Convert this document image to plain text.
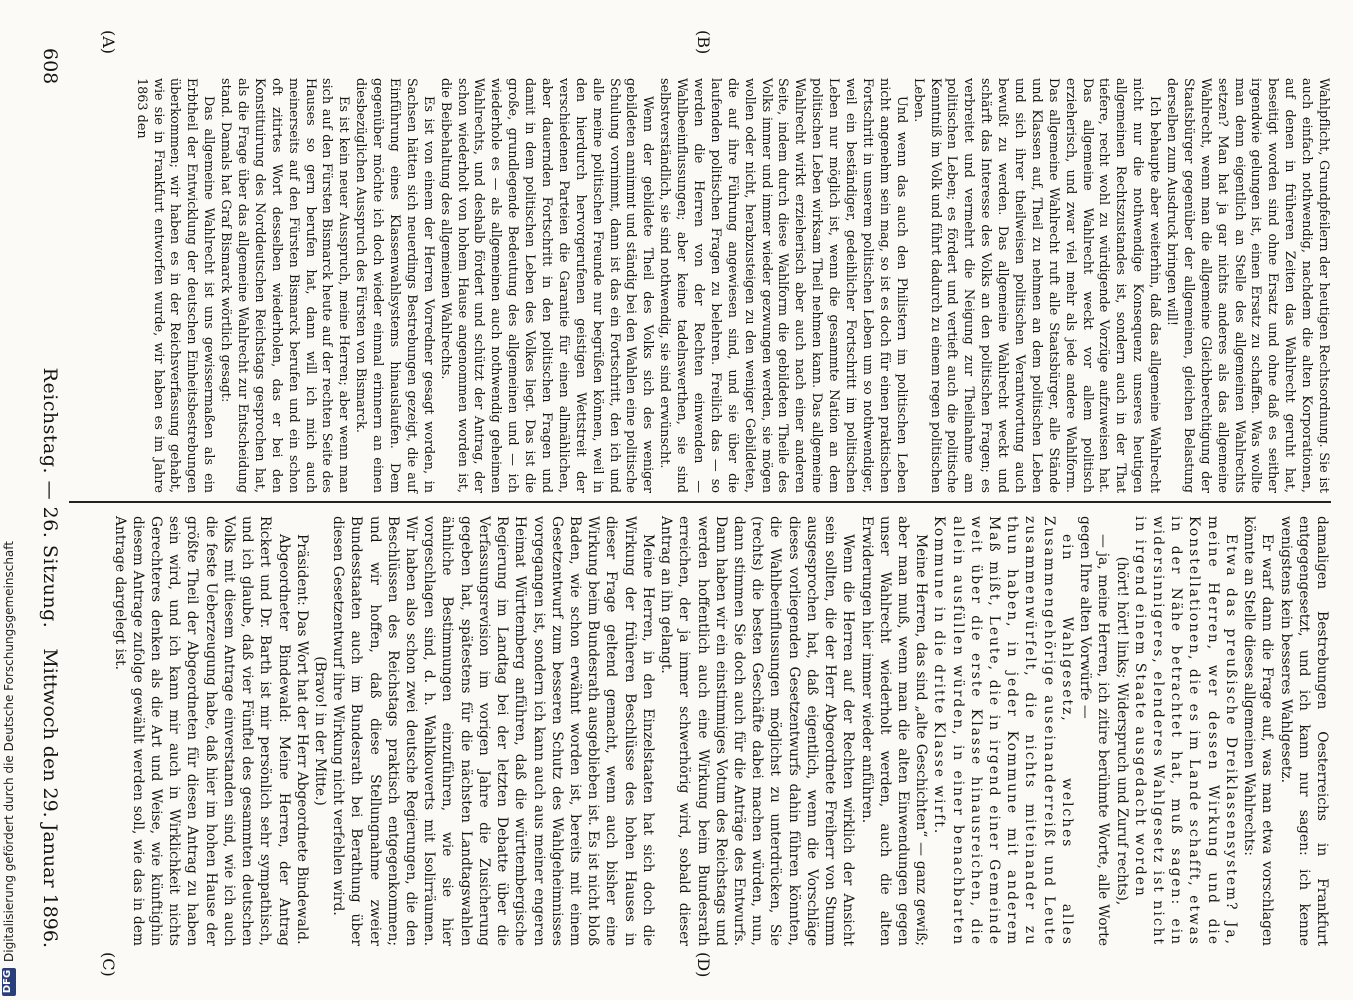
608
Reichstag. — 26. Sitzung.
Mittwoch den 29. Januar 1896.
(A)	(B)
(C)	(D)

Wahlpflicht, Grundpfeilern der heutigen Rechtsordnung. Sie ist auch einfach nothwendig, nachdem die alten Korporationen, auf denen in früheren Zeiten das Wahlrecht geruht hat, beseitigt worden sind ohne Ersatz und ohne daß es seither irgendwie gelungen ist, einen Ersatz zu schaffen. Was wollte man denn eigentlich an Stelle des allgemeinen Wahlrechts setzen? Man hat ja gar nichts anderes als das allgemeine Wahlrecht, wenn man die allgemeine Gleichberechtigung der Staatsbürger gegenüber der allgemeinen, gleichen Belastung derselben zum Ausdruck bringen will!

Ich behaupte aber weiterhin, daß das allgemeine Wahlrecht nicht nur die nothwendige Konsequenz unseres heutigen allgemeinen Rechtszustandes ist, sondern auch in der That tiefere, recht wohl zu würdigende Vorzüge aufzuweisen hat. Das allgemeine Wahlrecht weckt vor allem politisch erzieherisch, und zwar viel mehr als jede andere Wahlform. Das allgemeine Wahlrecht ruft alle Staatsbürger, alle Stände und Klassen auf, Theil zu nehmen an dem politischen Leben und sich ihrer theilweisen politischen Verantwortung auch bewußt zu werden. Das allgemeine Wahlrecht weckt und schärft das Interesse des Volks an den politischen Fragen; es verbreitet und vermehrt die Neigung zur Theilnahme am politischen Leben; es fördert und vertieft auch die politische Kenntniß im Volk und führt dadurch zu einem regen politischen Leben.

Und wenn das auch den Philistern im politischen Leben nicht angenehm sein mag, so ist es doch für einen praktischen Fortschritt in unserem politischen Leben um so nothwendiger, weil ein beständiger, gedeihlicher Fortschritt im politischen Leben nur möglich ist, wenn die gesammte Nation an dem politischen Leben wirksam Theil nehmen kann. Das allgemeine Wahlrecht wirkt erzieherisch aber auch nach einer anderen Seite, indem durch diese Wahlform die gebildeten Theile des Volks immer und immer wieder gezwungen werden, sie mögen wollen oder nicht, herabzusteigen zu den weniger Gebildeten, die auf ihre Führung angewiesen sind, und sie über die laufenden politischen Fragen zu belehren. Freilich das — so werden die Herren von der Rechten einwenden — Wahlbeeinflussungen; aber keine tadelnswerthen, sie sind selbstverständlich, sie sind nothwendig, sie sind erwünscht.

Wenn der gebildete Theil des Volks sich des weniger gebildeten annimmt und ständig bei den Wahlen eine politische Schulung vornimmt, dann ist das ein Fortschritt, den ich und alle meine politischen Freunde nur begrüßen können, weil in den hierdurch hervorgerufenen geistigen Wettstreit der verschiedenen Parteien die Garantie für einen allmählichen, aber dauernden Fortschritt in den politischen Fragen und damit in dem politischen Leben des Volkes liegt. Das ist die große, grundlegende Bedeutung des allgemeinen und — ich wiederhole es — als allgemeinen auch nothwendig geheimen Wahlrechts, und deshalb fördert und schützt der Antrag, der schon wiederholt von hohem Hause angenommen worden ist, die Beibehaltung des allgemeinen Wahlrechts.

Es ist von einem der Herren Vorredner gesagt worden, in Sachsen hätten sich neuerdings Bestrebungen gezeigt, die auf Einführung eines Klassenwahlsystems hinauslaufen. Dem gegenüber möchte ich doch wieder einmal erinnern an einen diesbezüglichen Ausspruch des Fürsten von Bismarck.

Es ist kein neuer Ausspruch, meine Herren; aber wenn man sich auf den Fürsten Bismarck heute auf der rechten Seite des Hauses so gern berufen hat, dann will ich mich auch meinerseits auf den Fürsten Bismarck berufen und ein schon oft zitirtes Wort desselben wiederholen, das er bei den Konstituirung des Norddeutschen Reichstags gesprochen hat, als die Frage über das allgemeine Wahlrecht zur Entscheidung stand. Damals hat Graf Bismarck wörtlich gesagt:

Das allgemeine Wahlrecht ist uns gewissermaßen als ein Erbtheil der Entwicklung der deutschen Einheitsbestrebungen überkommen; wir haben es in der Reichsverfassung gehabt, wie sie in Frankfurt entworfen wurde, wir haben es im Jahre 1863 den

damaligen Bestrebungen Oesterreichs in Frankfurt entgegengesetzt, und ich kann nur sagen: ich kenne wenigstens kein besseres Wahlgesetz.

Er warf dann die Frage auf, was man etwa vorschlagen könnte an Stelle dieses allgemeinen Wahlrechts:

Etwa das preußische Dreiklassensystem? Ja, meine Herren, wer dessen Wirkung und die Konstellationen, die es im Lande schafft, etwas in der Nähe betrachtet hat, muß sagen: ein widersinnigeres, elenderes Wahlgesetz ist nicht in irgend einem Staate ausgedacht worden

(hört! hört! links; Widerspruch und Zuruf rechts),

— ja, meine Herren, ich zitire berühmte Worte, alle Worte gegen Ihre alten Vorwürfe —

ein Wahlgesetz, welches alles Zusammengehörige auseinanderreißt und Leute zusammenwürfelt, die nichts miteinander zu thun haben, in jeder Kommune mit anderem Maß mißt, Leute, die in irgend einer Gemeinde weit über die erste Klasse hinausreichen, die allein ausfüllen würden, in einer benachbarten Kommune in die dritte Klasse wirft.

Meine Herren, das sind „alte Geschichten“ — ganz gewiß; aber man muß, wenn man die alten Einwendungen gegen unser Wahlrecht wiederholt werden, auch die alten Erwiderungen hier immer wieder anführen.

Wenn die Herren auf der Rechten wirklich der Ansicht sein sollten, die der Herr Abgeordnete Freiherr von Stumm ausgesprochen hat, daß eigentlich, wenn die Vorschläge dieses vorliegenden Gesetzentwurfs dahin führen könnten, die Wahlbeeinflussungen möglichst zu unterdrücken, Sie (rechts) die besten Geschäfte dabei machen würden, nun, dann stimmen Sie doch auch für die Anträge des Entwurfs. Dann haben wir ein einstimmiges Votum des Reichstags und werden hoffentlich auch eine Wirkung beim Bundesrath erreichen, der ja immer schwerhörig wird, sobald dieser Antrag an ihn gelangt.

Meine Herren, in den Einzelstaaten hat sich doch die Wirkung der früheren Beschlüsse des hohen Hauses in dieser Frage geltend gemacht, wenn auch bisher eine Wirkung beim Bundesrath ausgeblieben ist. Es ist nicht bloß Baden, wie schon erwähnt worden ist, bereits mit einem Gesetzentwurf zum besseren Schutz des Wahlgeheimnisses vorgegangen ist, sondern ich kann auch aus meiner engeren Heimat Württemberg anführen, daß die württembergische Regierung im Landtag bei der letzten Debatte über die Verfassungsrevision im vorigen Jahre die Zusicherung gegeben hat, spätestens für die nächsten Landtagswahlen ähnliche Bestimmungen einzuführen, wie sie hier vorgeschlagen sind, d. h. Wahlkouverts mit Isolirräumen. Wir haben also schon zwei deutsche Regierungen, die den Beschlüssen des Reichstags praktisch entgegenkommen; und wir hoffen, daß diese Stellungnahme zweier Bundesstaaten auch im Bundesrath bei Berathung über diesen Gesetzentwurf ihre Wirkung nicht verfehlen wird.

(Bravo! in der Mitte.)

Präsident: Das Wort hat der Herr Abgeordnete Bindewald.

Abgeordneter Bindewald: Meine Herren, der Antrag Rickert und Dr. Barth ist mir persönlich sehr sympathisch, und ich glaube, daß vier Fünftel des gesammten deutschen Volks mit diesem Antrage einverstanden sind, wie ich auch die feste Ueberzeugung habe, daß hier im hohen Hause der größte Theil der Abgeordneten für diesen Antrag zu haben sein wird, und ich kann mir auch in Wirklichkeit nichts Gerechteres denken als die Art und Weise, wie künftighin diesem Antrage zufolge gewählt werden soll, wie das in dem Antrage dargelegt ist.

DFG
Digitalisierung gefördert durch die Deutsche Forschungsgemeinschaft
